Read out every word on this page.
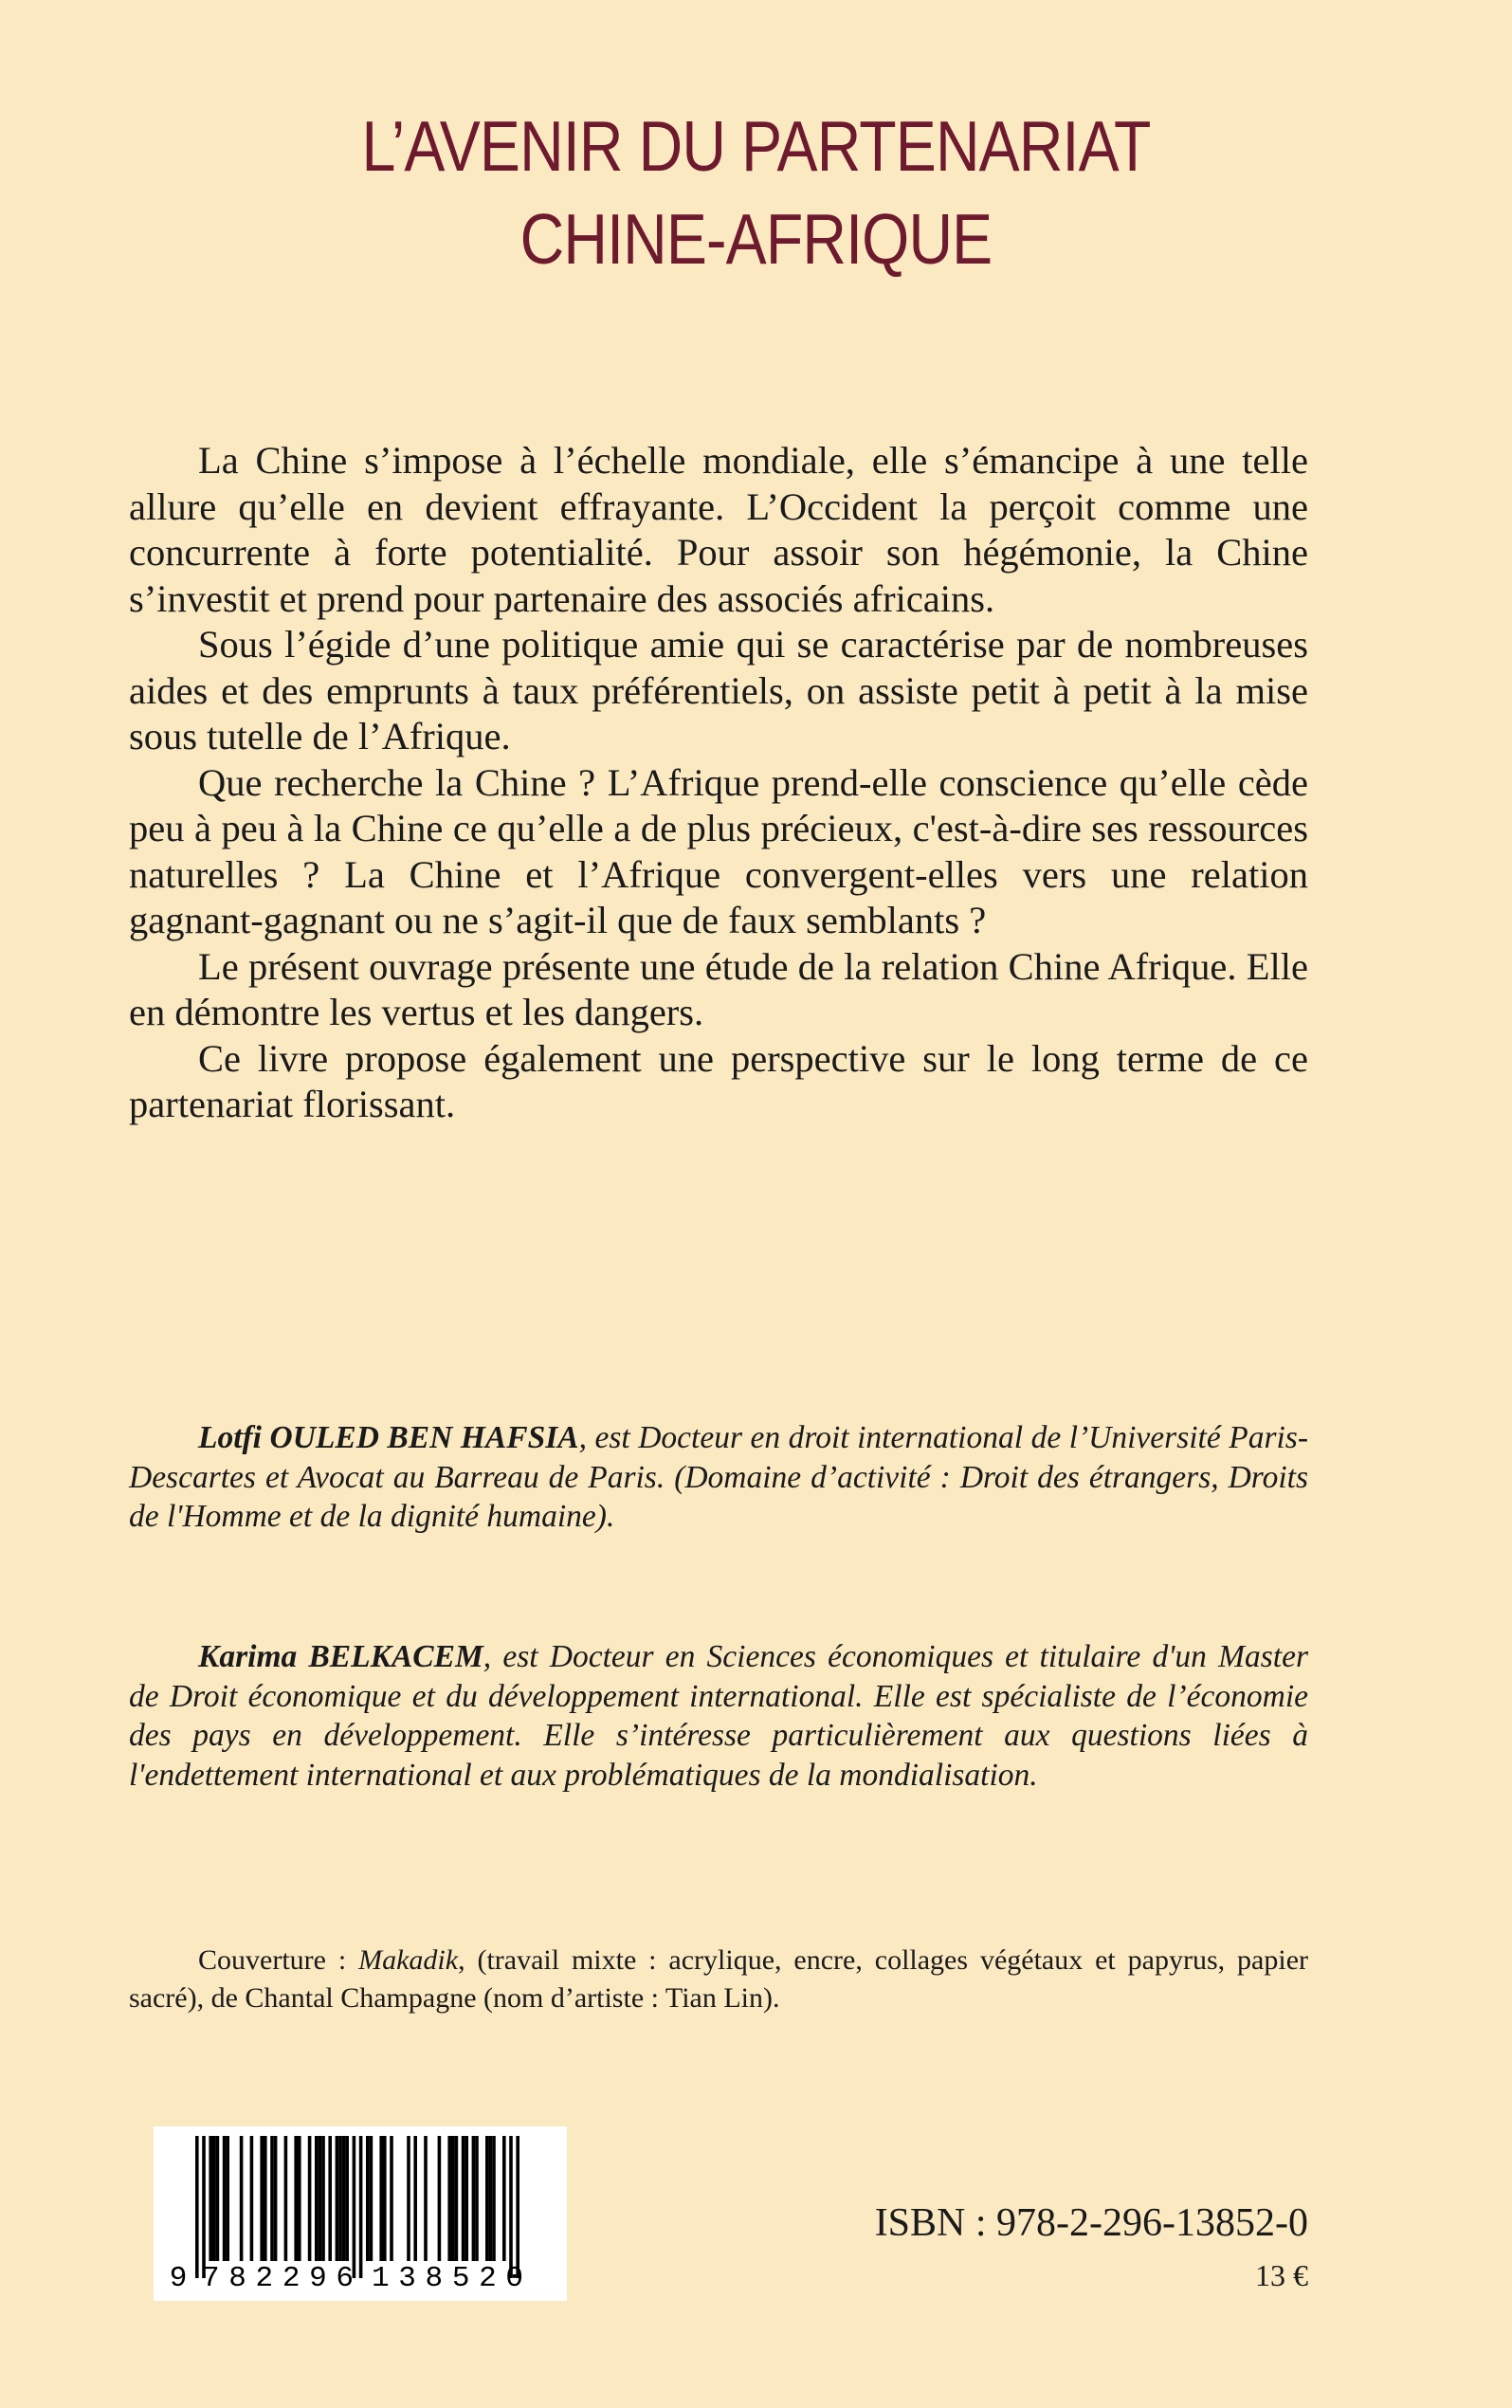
L’AVENIR DU PARTENARIAT
CHINE-AFRIQUE

La Chine s’impose à l’échelle mondiale, elle s’émancipe à une telle allure qu’elle en devient effrayante. L’Occident la perçoit comme une concurrente à forte potentialité. Pour assoir son hégémonie, la Chine s’investit et prend pour partenaire des associés africains.

Sous l’égide d’une politique amie qui se caractérise par de nombreuses aides et des emprunts à taux préférentiels, on assiste petit à petit à la mise sous tutelle de l’Afrique.

Que recherche la Chine ? L’Afrique prend-elle conscience qu’elle cède peu à peu à la Chine ce qu’elle a de plus précieux, c'est-à-dire ses ressources naturelles ? La Chine et l’Afrique convergent-elles vers une relation gagnant-gagnant ou ne s’agit-il que de faux semblants ?

Le présent ouvrage présente une étude de la relation Chine Afrique. Elle en démontre les vertus et les dangers.

Ce livre propose également une perspective sur le long terme de ce partenariat florissant.

Lotfi OULED BEN HAFSIA, est Docteur en droit international de l’Université Paris-Descartes et Avocat au Barreau de Paris. (Domaine d’activité : Droit des étrangers, Droits de l'Homme et de la dignité humaine).

Karima BELKACEM, est Docteur en Sciences économiques et titulaire d'un Master de Droit économique et du développement international. Elle est spécialiste de l’économie des pays en développement. Elle s’intéresse particulièrement aux questions liées à l'endettement international et aux problématiques de la mondialisation.

Couverture : Makadik, (travail mixte : acrylique, encre, collages végétaux et papyrus, papier sacré), de Chantal Champagne (nom d’artiste : Tian Lin).

9 782296 138520
ISBN : 978-2-296-13852-0
13 €
